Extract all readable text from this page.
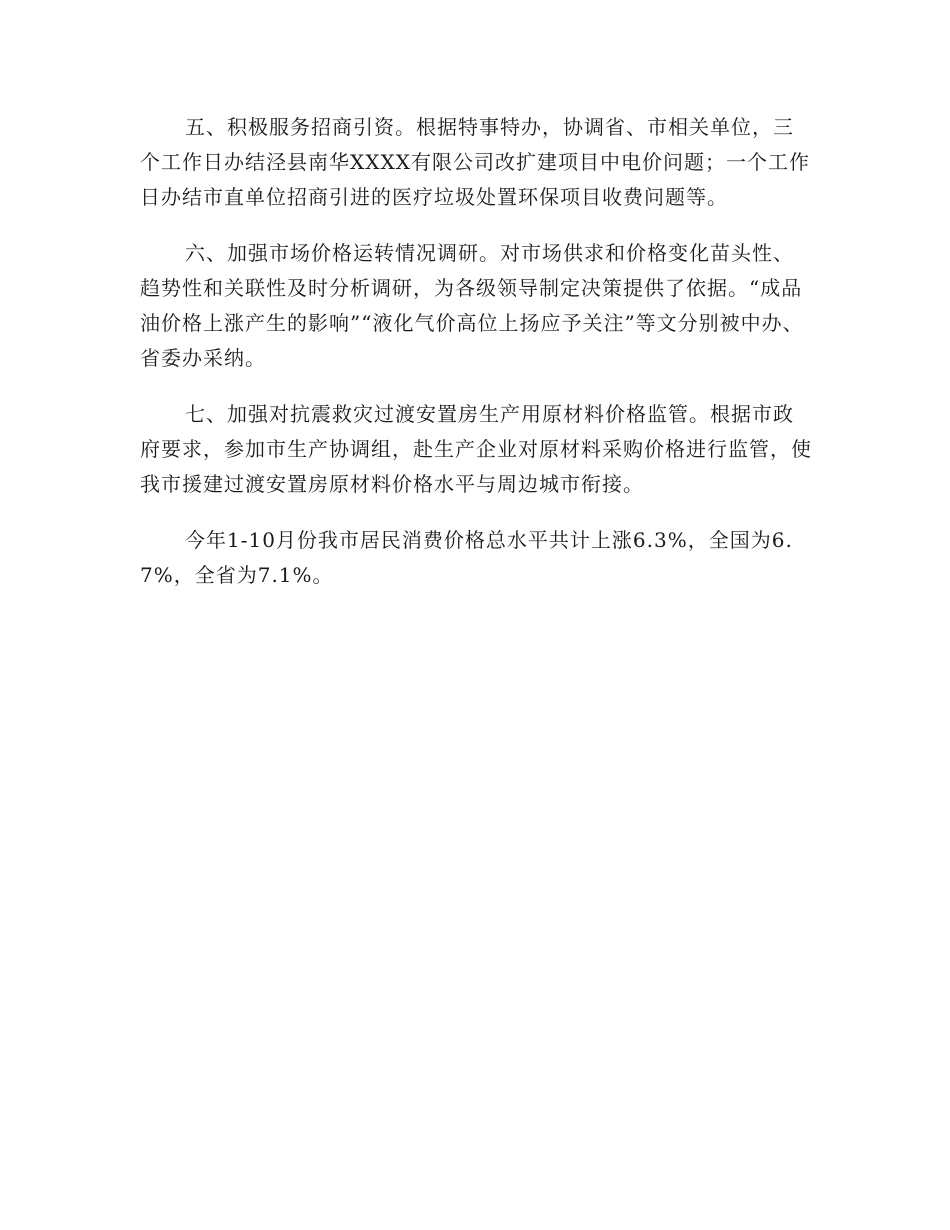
五、积极服务招商引资。根据特事特办，协调省、市相关单位，三个工作日办结泾县南华XXXX有限公司改扩建项目中电价问题；一个工作日办结市直单位招商引进的医疗垃圾处置环保项目收费问题等。

六、加强市场价格运转情况调研。对市场供求和价格变化苗头性、趋势性和关联性及时分析调研，为各级领导制定决策提供了依据。“成品油价格上涨产生的影响”“液化气价高位上扬应予关注”等文分别被中办、省委办采纳。

七、加强对抗震救灾过渡安置房生产用原材料价格监管。根据市政府要求，参加市生产协调组，赴生产企业对原材料采购价格进行监管，使我市援建过渡安置房原材料价格水平与周边城市衔接。

今年1-10月份我市居民消费价格总水平共计上涨6.3%，全国为6.7%，全省为7.1%。
